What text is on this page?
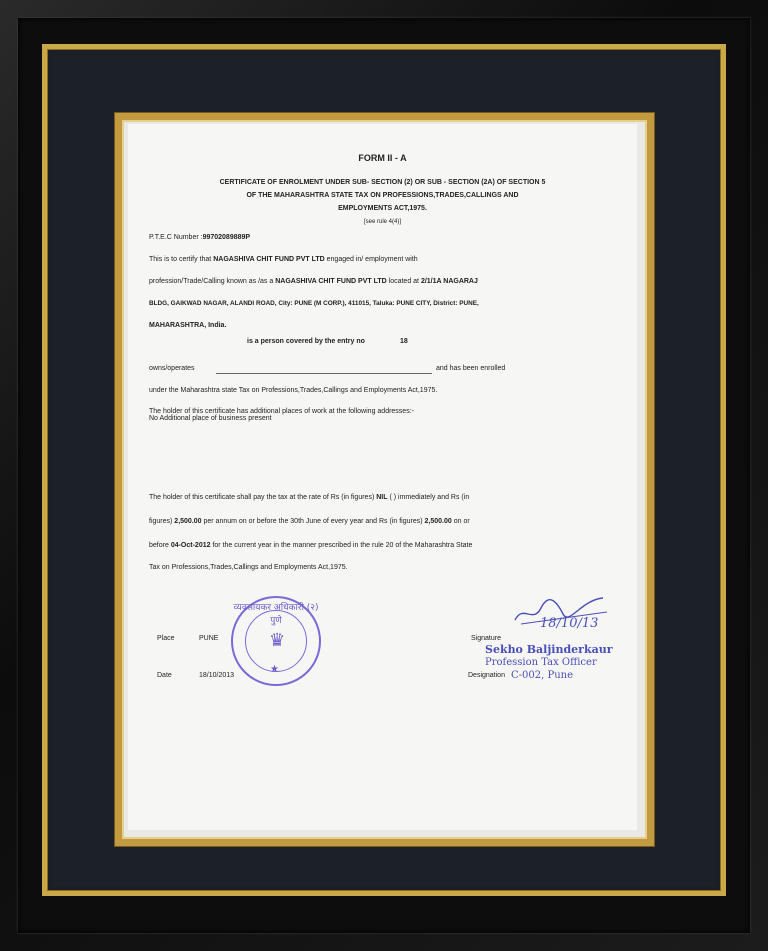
FORM II - A
CERTIFICATE OF ENROLMENT UNDER SUB- SECTION (2) OR SUB - SECTION (2A) OF SECTION 5
OF THE MAHARASHTRA STATE TAX ON PROFESSIONS,TRADES,CALLINGS AND
EMPLOYMENTS ACT,1975.
[see rule 4(4)]
P.T.E.C Number :99702089889P
This is to certify that NAGASHIVA CHIT FUND PVT LTD engaged in/ employment with
profession/Trade/Calling known as /as a NAGASHIVA CHIT FUND PVT LTD located at 2/1/1A NAGARAJ
BLDG, GAIKWAD NAGAR, ALANDI ROAD, City: PUNE (M CORP.), 411015, Taluka: PUNE CITY, District: PUNE,
MAHARASHTRA, India.
is a person covered by the entry no	18
owns/operates	and has been enrolled
under the Maharashtra state Tax on Professions,Trades,Callings and Employments Act,1975.
The holder of this certificate has additional places of work at the following addresses:-
No Additional place of business present
The holder of this certificate shall pay the tax at the rate of Rs (in figures) NIL ( ) immediately and Rs (in
figures) 2,500.00 per annum on or before the 30th June of every year and Rs (in figures) 2,500.00 on or
before 04-Oct-2012 for the current year in the manner prescribed in the rule 20 of the Maharashtra State
Tax on Professions,Trades,Callings and Employments Act,1975.
Place	PUNE
Date	18/10/2013
व्यवसायकर अधिकारी (२) पुणे
♛
★
Signature
Designation
18/10/13
Sekho Baljinderkaur
Profession Tax Officer
C-002, Pune
